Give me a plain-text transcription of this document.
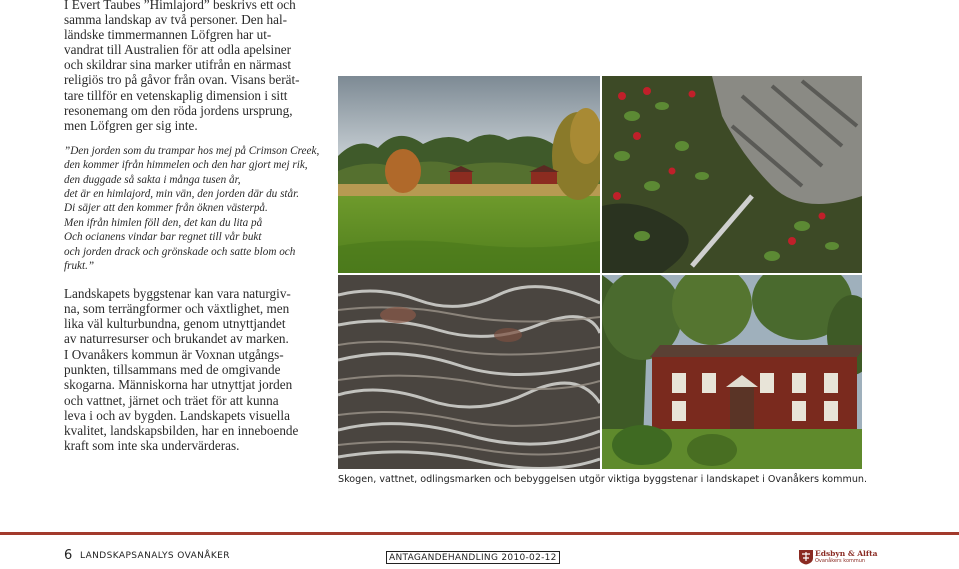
I Evert Taubes ”Himlajord” beskrivs ett och
samma landskap av två personer. Den hal-
ländske timmermannen Löfgren har ut-
vandrat till Australien för att odla apelsiner
och skildrar sina marker utifrån en närmast
religiös tro på gåvor från ovan. Visans berät-
tare tillför en vetenskaplig dimension i sitt
resonemang om den röda jordens ursprung,
men Löfgren ger sig inte.

”Den jorden som du trampar hos mej på Crimson Creek,
den kommer ifrån himmelen och den har gjort mej rik,
den duggade så sakta i många tusen år,
det är en himlajord, min vän, den jorden där du står.
Di säjer att den kommer från öknen västerpå.
Men ifrån himlen föll den, det kan du lita på
Och ocianens vindar bar regnet till vår bukt
och jorden drack och grönskade och satte blom och
frukt.”

Landskapets byggstenar kan vara naturgiv-
na, som terrängformer och växtlighet, men
lika väl kulturbundna, genom utnyttjandet
av naturresurser och brukandet av marken.
I Ovanåkers kommun är Voxnan utgångs-
punkten, tillsammans med de omgivande
skogarna. Människorna har utnyttjat jorden
och vattnet, järnet och träet för att kunna
leva i och av bygden. Landskapets visuella
kvalitet, landskapsbilden, har en inneboende
kraft som inte ska undervärderas.

Skogen, vattnet, odlingsmarken och bebyggelsen utgör viktiga byggstenar i landskapet i Ovanåkers kommun.
6 LANDSKAPSANALYS OVANÅKER	ANTAGANDEHANDLING 2010-02-12	Edsbyn & Alfta
Ovanåkers kommun
